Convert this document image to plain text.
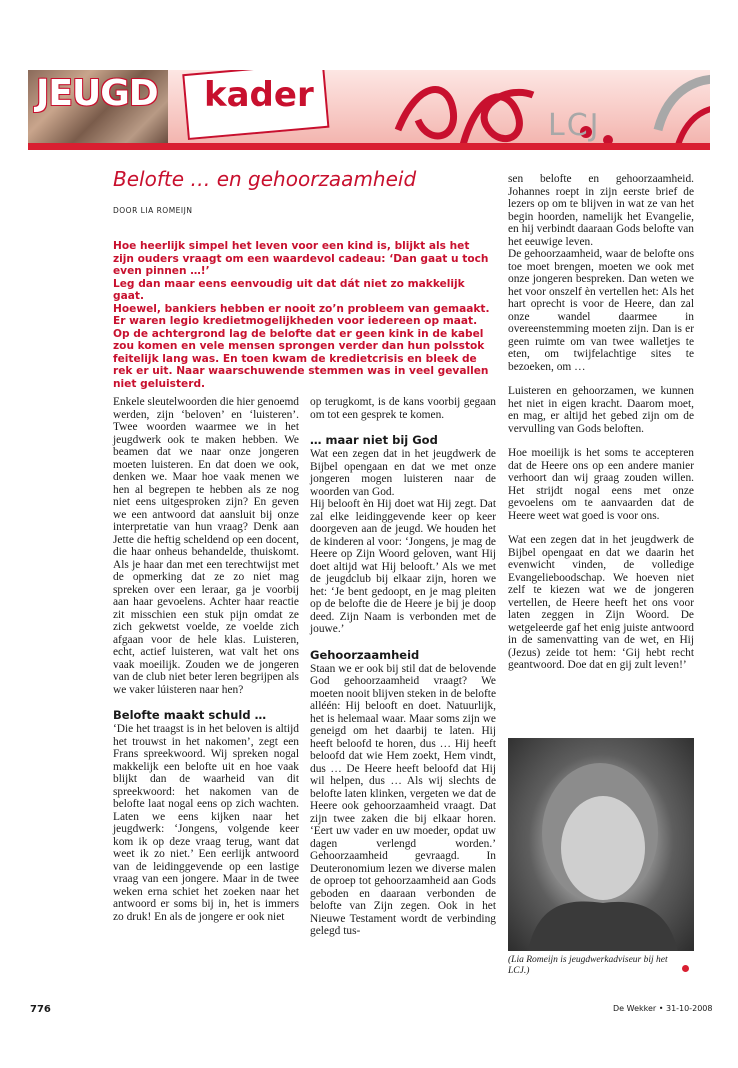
JEUGD kader
LCJ
Belofte … en gehoorzaamheid
DOOR LIA ROMEIJN

Hoe heerlijk simpel het leven voor een kind is, blijkt als het zijn ouders vraagt om een waardevol cadeau: ‘Dan gaat u toch even pinnen …!’

Leg dan maar eens eenvoudig uit dat dát niet zo makkelijk gaat.

Hoewel, bankiers hebben er nooit zo’n probleem van gemaakt. Er waren legio kredietmogelijkheden voor iedereen op maat.

Op de achtergrond lag de belofte dat er geen kink in de kabel zou komen en vele mensen sprongen verder dan hun polsstok feitelijk lang was. En toen kwam de kredietcrisis en bleek de rek er uit. Naar waarschuwende stemmen was in veel gevallen niet geluisterd.

Enkele sleutelwoorden die hier genoemd werden, zijn ‘beloven’ en ‘luisteren’. Twee woorden waarmee we in het jeugdwerk ook te maken hebben. We beamen dat we naar onze jongeren moeten luisteren. En dat doen we ook, denken we. Maar hoe vaak menen we hen al begrepen te hebben als ze nog niet eens uitgesproken zijn? En geven we een antwoord dat aansluit bij onze interpretatie van hun vraag? Denk aan Jette die heftig scheldend op een docent, die haar onheus behandelde, thuiskomt. Als je haar dan met een terechtwijst met de opmerking dat ze zo niet mag spreken over een leraar, ga je voorbij aan haar gevoelens. Achter haar reactie zit misschien een stuk pijn omdat ze zich gekwetst voelde, ze voelde zich afgaan voor de hele klas. Luisteren, echt, actief luisteren, wat valt het ons vaak moeilijk. Zouden we de jongeren van de club niet beter leren begrijpen als we vaker lúisteren naar hen?

Belofte maakt schuld …

‘Die het traagst is in het beloven is altijd het trouwst in het nakomen’, zegt een Frans spreekwoord. Wij spreken nogal makkelijk een belofte uit en hoe vaak blijkt dan de waarheid van dit spreekwoord: het nakomen van de belofte laat nogal eens op zich wachten. Laten we eens kijken naar het jeugdwerk: ‘Jongens, volgende keer kom ik op deze vraag terug, want dat weet ik zo niet.’ Een eerlijk antwoord van de leidinggevende op een lastige vraag van een jongere. Maar in de twee weken erna schiet het zoeken naar het antwoord er soms bij in, het is immers zo druk! En als de jongere er ook niet

op terugkomt, is de kans voorbij gegaan om tot een gesprek te komen.

… maar niet bij God

Wat een zegen dat in het jeugdwerk de Bijbel opengaan en dat we met onze jongeren mogen luisteren naar de woorden van God.

Hij belooft èn Hij doet wat Hij zegt. Dat zal elke leidinggevende keer op keer doorgeven aan de jeugd. We houden het de kinderen al voor: ‘Jongens, je mag de Heere op Zijn Woord geloven, want Hij doet altijd wat Hij belooft.’ Als we met de jeugdclub bij elkaar zijn, horen we het: ‘Je bent gedoopt, en je mag pleiten op de belofte die de Heere je bij je doop deed. Zijn Naam is verbonden met de jouwe.’

Gehoorzaamheid

Staan we er ook bij stil dat de belovende God gehoorzaamheid vraagt? We moeten nooit blijven steken in de belofte alléén: Hij belooft en doet. Natuurlijk, het is helemaal waar. Maar soms zijn we geneigd om het daarbij te laten. Hij heeft beloofd te horen, dus … Hij heeft beloofd dat wie Hem zoekt, Hem vindt, dus … De Heere heeft beloofd dat Hij wil helpen, dus … Als wij slechts de belofte laten klinken, vergeten we dat de Heere ook gehoorzaamheid vraagt. Dat zijn twee zaken die bij elkaar horen. ‘Eert uw vader en uw moeder, opdat uw dagen verlengd worden.’ Gehoorzaamheid gevraagd. In Deuteronomium lezen we diverse malen de oproep tot gehoorzaamheid aan Gods geboden en daaraan verbonden de belofte van Zijn zegen. Ook in het Nieuwe Testament wordt de verbinding gelegd tus-

sen belofte en gehoorzaamheid. Johannes roept in zijn eerste brief de lezers op om te blijven in wat ze van het begin hoorden, namelijk het Evangelie, en hij verbindt daaraan Gods belofte van het eeuwige leven.

De gehoorzaamheid, waar de belofte ons toe moet brengen, moeten we ook met onze jongeren bespreken. Dan weten we het voor onszelf èn vertellen het: Als het hart oprecht is voor de Heere, dan zal onze wandel daarmee in overeenstemming moeten zijn. Dan is er geen ruimte om van twee walletjes te eten, om twijfelachtige sites te bezoeken, om …

Luisteren en gehoorzamen, we kunnen het niet in eigen kracht. Daarom moet, en mag, er altijd het gebed zijn om de vervulling van Gods beloften.

Hoe moeilijk is het soms te accepteren dat de Heere ons op een andere manier verhoort dan wij graag zouden willen. Het strijdt nogal eens met onze gevoelens om te aanvaarden dat de Heere weet wat goed is voor ons.

Wat een zegen dat in het jeugdwerk de Bijbel opengaat en dat we daarin het evenwicht vinden, de volledige Evangelieboodschap. We hoeven niet zelf te kiezen wat we de jongeren vertellen, de Heere heeft het ons voor laten zeggen in Zijn Woord. De wetgeleerde gaf het enig juiste antwoord in de samenvatting van de wet, en Hij (Jezus) zeide tot hem: ‘Gij hebt recht geantwoord. Doe dat en gij zult leven!’

(Lia Romeijn is jeugdwerkadviseur bij het LCJ.)
776	De Wekker • 31-10-2008
